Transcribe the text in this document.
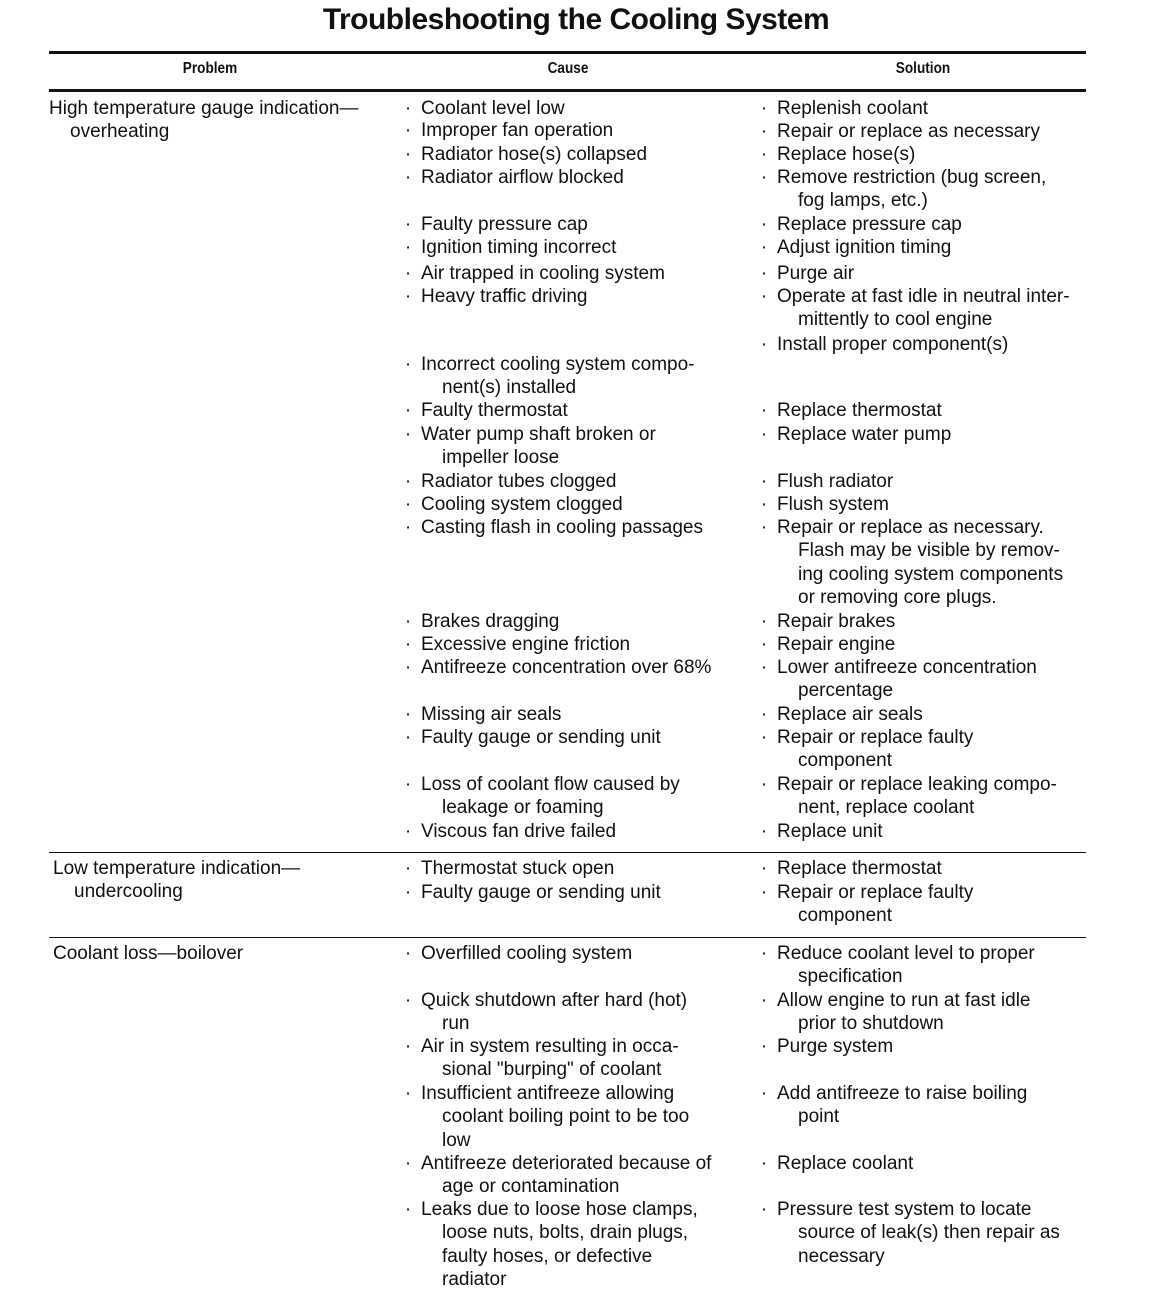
Troubleshooting the Cooling System
Problem	Cause	Solution
High temperature gauge indication—
overheating
Low temperature indication—
undercooling
Coolant loss—boilover
· Coolant level low
· Improper fan operation
· Radiator hose(s) collapsed
· Radiator airflow blocked
· Faulty pressure cap
· Ignition timing incorrect
· Air trapped in cooling system
· Heavy traffic driving
· Incorrect cooling system compo-
nent(s) installed
· Faulty thermostat
· Water pump shaft broken or
impeller loose
· Radiator tubes clogged
· Cooling system clogged
· Casting flash in cooling passages
· Brakes dragging
· Excessive engine friction
· Antifreeze concentration over 68%
· Missing air seals
· Faulty gauge or sending unit
· Loss of coolant flow caused by
leakage or foaming
· Viscous fan drive failed
· Thermostat stuck open
· Faulty gauge or sending unit
· Overfilled cooling system
· Quick shutdown after hard (hot)
run
· Air in system resulting in occa-
sional "burping" of coolant
· Insufficient antifreeze allowing
coolant boiling point to be too
low
· Antifreeze deteriorated because of
age or contamination
· Leaks due to loose hose clamps,
loose nuts, bolts, drain plugs,
faulty hoses, or defective
radiator
· Replenish coolant
· Repair or replace as necessary
· Replace hose(s)
· Remove restriction (bug screen,
fog lamps, etc.)
· Replace pressure cap
· Adjust ignition timing
· Purge air
· Operate at fast idle in neutral inter-
mittently to cool engine
· Install proper component(s)
· Replace thermostat
· Replace water pump
· Flush radiator
· Flush system
· Repair or replace as necessary.
Flash may be visible by remov-
ing cooling system components
or removing core plugs.
· Repair brakes
· Repair engine
· Lower antifreeze concentration
percentage
· Replace air seals
· Repair or replace faulty
component
· Repair or replace leaking compo-
nent, replace coolant
· Replace unit
· Replace thermostat
· Repair or replace faulty
component
· Reduce coolant level to proper
specification
· Allow engine to run at fast idle
prior to shutdown
· Purge system
· Add antifreeze to raise boiling
point
· Replace coolant
· Pressure test system to locate
source of leak(s) then repair as
necessary
